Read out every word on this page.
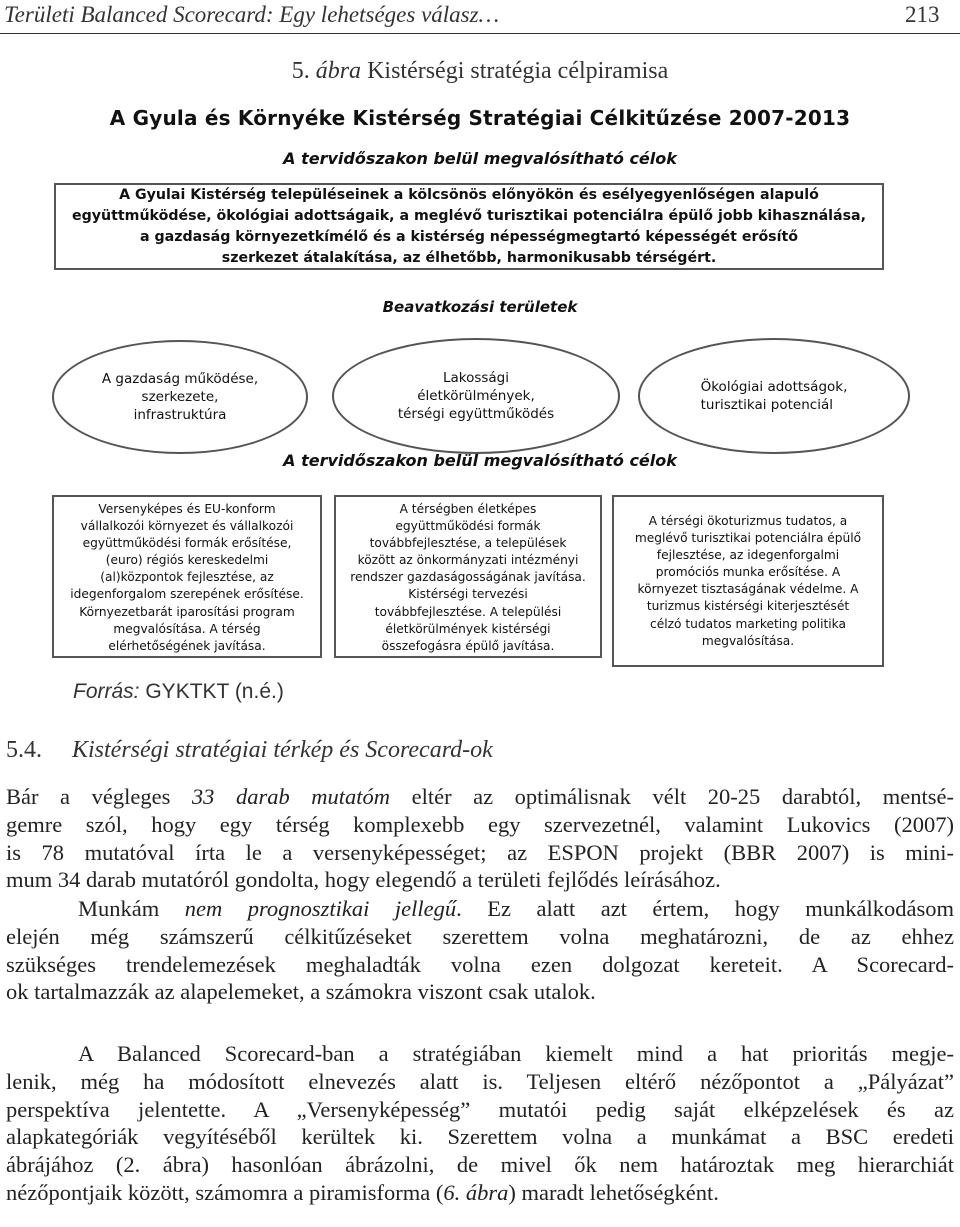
Területi Balanced Scorecard: Egy lehetséges válasz…	213
5. ábra Kistérségi stratégia célpiramisa
A Gyula és Környéke Kistérség Stratégiai Célkitűzése 2007-2013
A tervidőszakon belül megvalósítható célok
A Gyulai Kistérség településeinek a kölcsönös előnyökön és esélyegyenlőségen alapuló
együttműködése, ökológiai adottságaik, a meglévő turisztikai potenciálra épülő jobb kihasználása,
a gazdaság környezetkímélő és a kistérség népességmegtartó képességét erősítő
szerkezet átalakítása, az élhetőbb, harmonikusabb térségért.
Beavatkozási területek
A gazdaság működése,
szerkezete,
infrastruktúra
Lakossági
életkörülmények,
térségi együttműködés
Ökológiai adottságok,
turisztikai potenciál
A tervidőszakon belül megvalósítható célok
Versenyképes és EU-konform
vállalkozói környezet és vállalkozói
együttműködési formák erősítése,
(euro) régiós kereskedelmi
(al)központok fejlesztése, az
idegenforgalom szerepének erősítése.
Környezetbarát iparosítási program
megvalósítása. A térség
elérhetőségének javítása.
A térségben életképes
együttműködési formák
továbbfejlesztése, a települések
között az önkormányzati intézményi
rendszer gazdaságosságának javítása.
Kistérségi tervezési
továbbfejlesztése. A települési
életkörülmények kistérségi
összefogásra épülő javítása.
A térségi ökoturizmus tudatos, a
meglévő turisztikai potenciálra épülő
fejlesztése, az idegenforgalmi
promóciós munka erősítése. A
környezet tisztaságának védelme. A
turizmus kistérségi kiterjesztését
célzó tudatos marketing politika
megvalósítása.
Forrás: GYKTKT (n.é.)
5.4. Kistérségi stratégiai térkép és Scorecard-ok
Bár a végleges 33 darab mutatóm eltér az optimálisnak vélt 20-25 darabtól, mentsé-
gemre szól, hogy egy térség komplexebb egy szervezetnél, valamint Lukovics (2007)
is 78 mutatóval írta le a versenyképességet; az ESPON projekt (BBR 2007) is mini-
mum 34 darab mutatóról gondolta, hogy elegendő a területi fejlődés leírásához.
Munkám nem prognosztikai jellegű. Ez alatt azt értem, hogy munkálkodásom
elején még számszerű célkitűzéseket szerettem volna meghatározni, de az ehhez
szükséges trendelemezések meghaladták volna ezen dolgozat kereteit. A Scorecard-
ok tartalmazzák az alapelemeket, a számokra viszont csak utalok.
A Balanced Scorecard-ban a stratégiában kiemelt mind a hat prioritás megje-
lenik, még ha módosított elnevezés alatt is. Teljesen eltérő nézőpontot a „Pályázat”
perspektíva jelentette. A „Versenyképesség” mutatói pedig saját elképzelések és az
alapkategóriák vegyítéséből kerültek ki. Szerettem volna a munkámat a BSC eredeti
ábrájához (2. ábra) hasonlóan ábrázolni, de mivel ők nem határoztak meg hierarchiát
nézőpontjaik között, számomra a piramisforma (6. ábra) maradt lehetőségként.
